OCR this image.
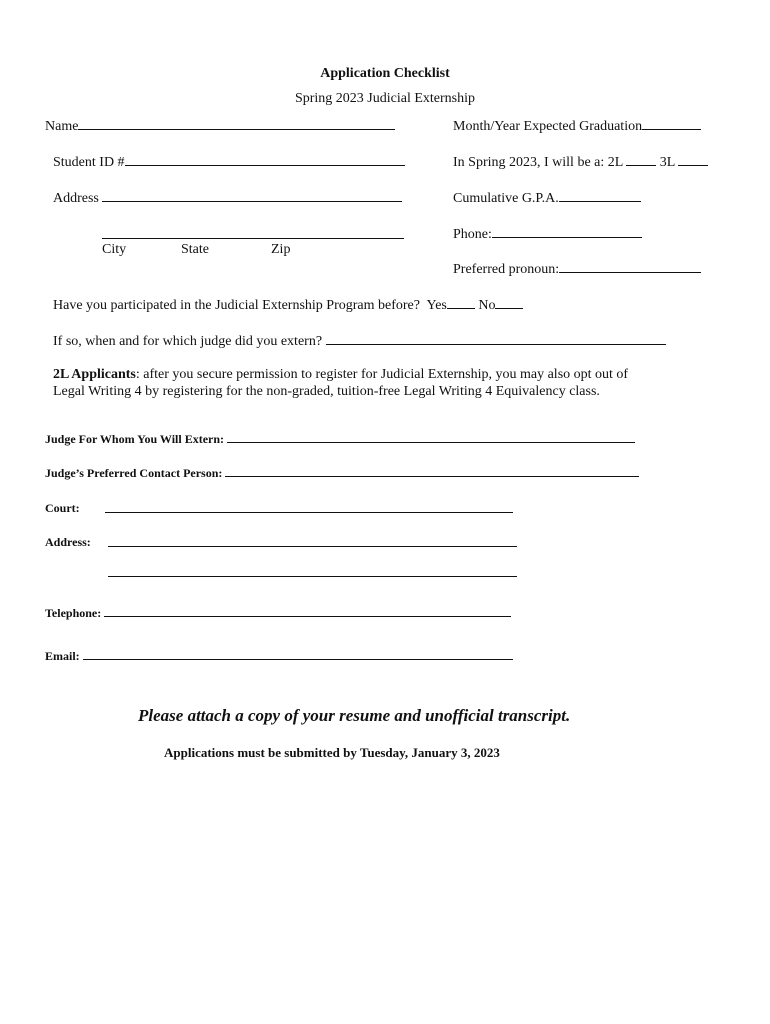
Application Checklist
Spring 2023 Judicial Externship
Name
Student ID #
Address
City	State	Zip
Month/Year Expected Graduation
In Spring 2023, I will be a: 2L	3L
Cumulative G.P.A.
Phone:
Preferred pronoun:
Have you participated in the Judicial Externship Program before? Yes No
If so, when and for which judge did you extern?
2L Applicants: after you secure permission to register for Judicial Externship, you may also opt out of
Legal Writing 4 by registering for the non-graded, tuition-free Legal Writing 4 Equivalency class.
Judge For Whom You Will Extern:
Judge’s Preferred Contact Person:
Court:
Address:
Telephone:
Email:
Please attach a copy of your resume and unofficial transcript.
Applications must be submitted by Tuesday, January 3, 2023
